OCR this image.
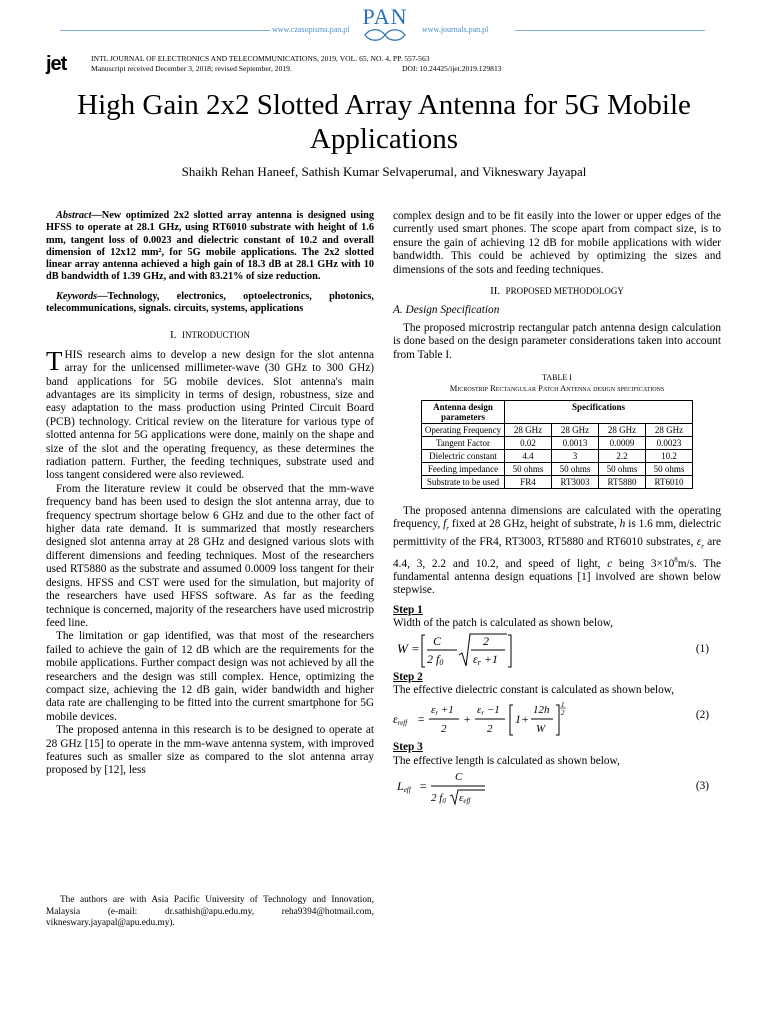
www.czasopisma.pan.pl
PAN
www.journals.pan.pl
jet	INTL JOURNAL OF ELECTRONICS AND TELECOMMUNICATIONS, 2019, VOL. 65, NO. 4, PP. 557-563
Manuscript received December 3, 2018; revised September, 2019.	DOI: 10.24425/ijet.2019.129813
High Gain 2x2 Slotted Array Antenna for 5G Mobile Applications
Shaikh Rehan Haneef, Sathish Kumar Selvaperumal, and Vikneswary Jayapal
Abstract—New optimized 2x2 slotted array antenna is designed using HFSS to operate at 28.1 GHz, using RT6010 substrate with height of 1.6 mm, tangent loss of 0.0023 and dielectric constant of 10.2 and overall dimension of 12x12 mm², for 5G mobile applications. The 2x2 slotted linear array antenna achieved a high gain of 18.3 dB at 28.1 GHz with 10 dB bandwidth of 1.39 GHz, and with 83.21% of size reduction.
Keywords—Technology, electronics, optoelectronics, photonics, telecommunications, signals. circuits, systems, applications
I. INTRODUCTION

THIS research aims to develop a new design for the slot antenna array for the unlicensed millimeter-wave (30 GHz to 300 GHz) band applications for 5G mobile devices. Slot antenna's main advantages are its simplicity in terms of design, robustness, size and easy adaptation to the mass production using Printed Circuit Board (PCB) technology. Critical review on the literature for various type of slotted antenna for 5G applications were done, mainly on the shape and size of the slot and the operating frequency, as these determines the radiation pattern. Further, the feeding techniques, substrate used and loss tangent considered were also reviewed.

From the literature review it could be observed that the mm-wave frequency band has been used to design the slot antenna array, due to frequency spectrum shortage below 6 GHz and due to the other fact of higher data rate demand. It is summarized that mostly researchers designed slot antenna array at 28 GHz and designed various slots with different dimensions and feeding techniques. Most of the researchers used RT5880 as the substrate and assumed 0.0009 loss tangent for their designs. HFSS and CST were used for the simulation, but majority of the researchers have used HFSS software. As far as the feeding technique is concerned, majority of the researchers have used microstrip feed line.

The limitation or gap identified, was that most of the researchers failed to achieve the gain of 12 dB which are the requirements for the mobile applications. Further compact design was not achieved by all the researchers and the design was still complex. Hence, optimizing the compact size, achieving the 12 dB gain, wider bandwidth and higher data rate are challenging to be fitted into the current smartphone for 5G mobile devices.

The proposed antenna in this research is to be designed to operate at 28 GHz [15] to operate in the mm-wave antenna system, with improved features such as smaller size as compared to the slot antenna array proposed by [12], less

The authors are with Asia Pacific University of Technology and Innovation, Malaysia (e-mail: dr.sathish@apu.edu.my, reha9394@hotmail.com, vikneswary.jayapal@apu.edu.my).

complex design and to be fit easily into the lower or upper edges of the currently used smart phones. The scope apart from compact size, is to ensure the gain of achieving 12 dB for mobile applications with wider bandwidth. This could be achieved by optimizing the sizes and dimensions of the sots and feeding techniques.

II. PROPOSED METHODOLOGY
A. Design Specification

The proposed microstrip rectangular patch antenna design calculation is done based on the design parameter considerations taken into account from Table I.

TABLE I
Microstrip Rectangular Patch Antenna design specifications
Antenna design parameters	Specifications			
Operating Frequency	28 GHz	28 GHz	28 GHz	28 GHz
Tangent Factor	0.02	0.0013	0.0009	0.0023
Dielectric constant	4.4	3	2.2	10.2
Feeding impedance	50 ohms	50 ohms	50 ohms	50 ohms
Substrate to be used	FR4	RT3003	RT5880	RT6010

The proposed antenna dimensions are calculated with the operating frequency, $f_r$ fixed at 28 GHz, height of substrate, h is 1.6 mm, dielectric permittivity of the FR4, RT3003, RT5880 and RT6010 substrates, $\varepsilon_r$ are 4.4, 3, 2.2 and 10.2, and speed of light, c being $3\times 10^8m/s$. The fundamental antenna design equations [1] involved are shown below stepwise.

Step 1
Width of the patch is calculated as shown below,
W = C
2 f0
2
εr +1
(1)
Step 2
The effective dielectric constant is calculated as shown below,
εreff =
εr +1
2
+
εr −1
2
1+
12h
W
1
2	(2)
Step 3
The effective length is calculated as shown below,
Leff =
C
2 f0 εeff
(3)
